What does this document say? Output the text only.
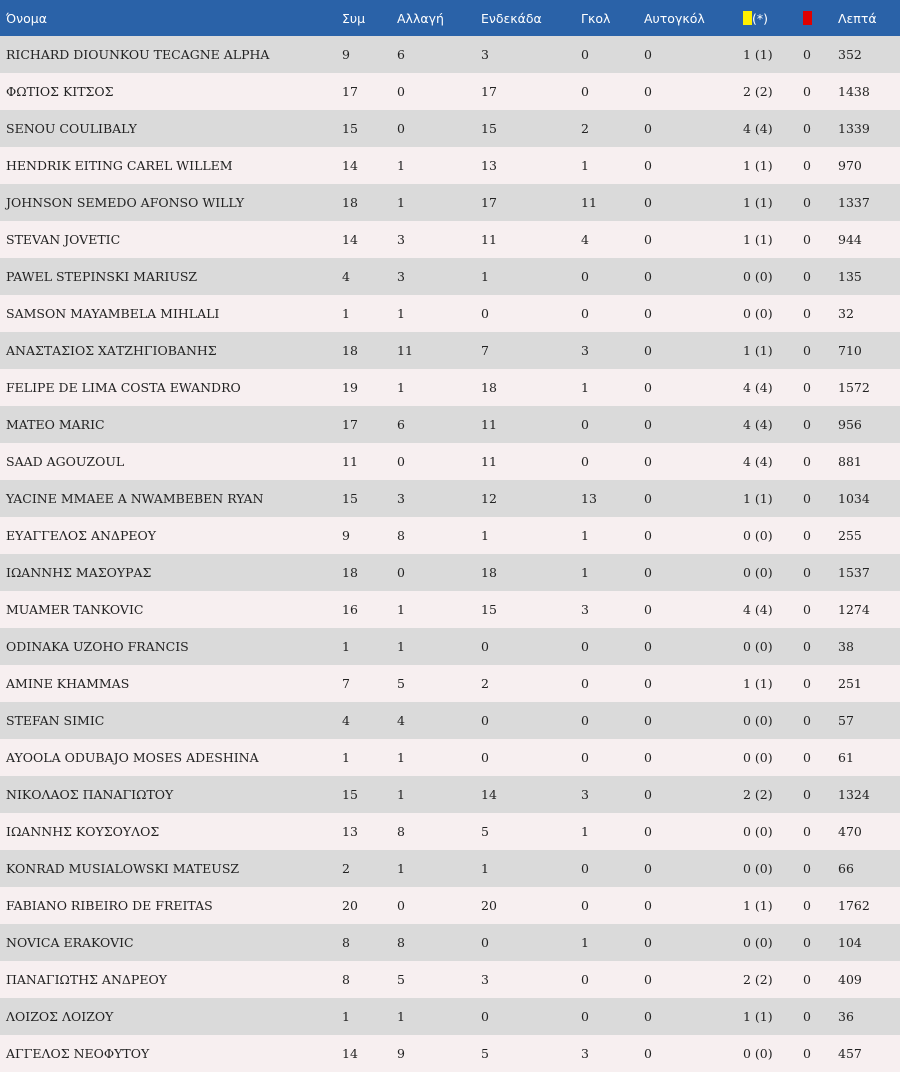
Όνομα	Συμ	Αλλαγή	Ενδεκάδα	Γκολ	Αυτογκόλ	(*)		Λεπτά
RICHARD DIOUNKOU TECAGNE ALPHA	9	6	3	0	0	1 (1)	0	352
ΦΩΤΙΟΣ ΚΙΤΣΟΣ	17	0	17	0	0	2 (2)	0	1438
SENOU COULIBALY	15	0	15	2	0	4 (4)	0	1339
HENDRIK EITING CAREL WILLEM	14	1	13	1	0	1 (1)	0	970
JOHNSON SEMEDO AFONSO WILLY	18	1	17	11	0	1 (1)	0	1337
STEVAN JOVETIC	14	3	11	4	0	1 (1)	0	944
PAWEL STEPINSKI MARIUSZ	4	3	1	0	0	0 (0)	0	135
SAMSON MAYAMBELA MIHLALI	1	1	0	0	0	0 (0)	0	32
ΑΝΑΣΤΑΣΙΟΣ ΧΑΤΖΗΓΙΟΒΑΝΗΣ	18	11	7	3	0	1 (1)	0	710
FELIPE DE LIMA COSTA EWANDRO	19	1	18	1	0	4 (4)	0	1572
MATEO MARIC	17	6	11	0	0	4 (4)	0	956
SAAD AGOUZOUL	11	0	11	0	0	4 (4)	0	881
YACINE MMAEE A NWAMBEBEN RYAN	15	3	12	13	0	1 (1)	0	1034
ΕΥΑΓΓΕΛΟΣ ΑΝΔΡΕΟΥ	9	8	1	1	0	0 (0)	0	255
ΙΩΑΝΝΗΣ ΜΑΣΟΥΡΑΣ	18	0	18	1	0	0 (0)	0	1537
MUAMER TANKOVIC	16	1	15	3	0	4 (4)	0	1274
ODINAKA UZOHO FRANCIS	1	1	0	0	0	0 (0)	0	38
AMINE KHAMMAS	7	5	2	0	0	1 (1)	0	251
STEFAN SIMIC	4	4	0	0	0	0 (0)	0	57
AYOOLA ODUBAJO MOSES ADESHINA	1	1	0	0	0	0 (0)	0	61
ΝΙΚΟΛΑΟΣ ΠΑΝΑΓΙΩΤΟΥ	15	1	14	3	0	2 (2)	0	1324
ΙΩΑΝΝΗΣ ΚΟΥΣΟΥΛΟΣ	13	8	5	1	0	0 (0)	0	470
KONRAD MUSIALOWSKI MATEUSZ	2	1	1	0	0	0 (0)	0	66
FABIANO RIBEIRO DE FREITAS	20	0	20	0	0	1 (1)	0	1762
NOVICA ERAKOVIC	8	8	0	1	0	0 (0)	0	104
ΠΑΝΑΓΙΩΤΗΣ ΑΝΔΡΕΟΥ	8	5	3	0	0	2 (2)	0	409
ΛΟΙΖΟΣ ΛΟΙΖΟΥ	1	1	0	0	0	1 (1)	0	36
ΑΓΓΕΛΟΣ ΝΕΟΦΥΤΟΥ	14	9	5	3	0	0 (0)	0	457
